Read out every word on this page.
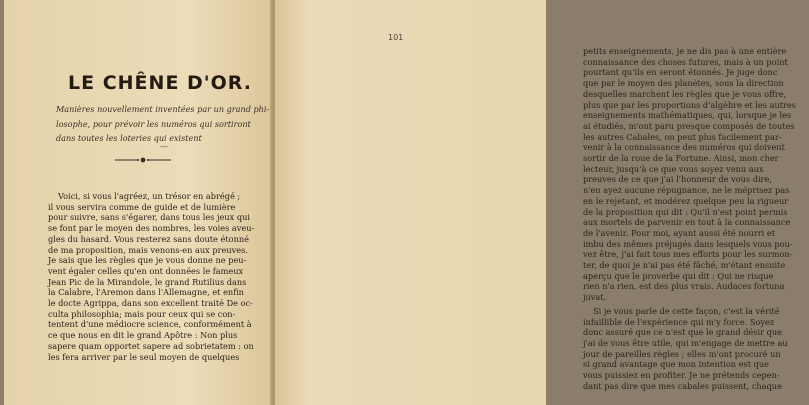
LE CHÊNE D'OR.
Manières nouvellement inventées par un grand phi-
losophe, pour prévoir les numéros qui sortiront
dans toutes les loteries qui existent
—
Voici, si vous l'agréez, un trésor en abrégé ;
il vous servira comme de guide et de lumière
pour suivre, sans s'égarer, dans tous les jeux qui
se font par le moyen des nombres, les voies aveu-
gles du hasard. Vous resterez sans doute étonné
de ma proposition, mais venons-en aux preuves.
Je sais que les règles que je vous donne ne peu-
vent égaler celles qu'en ont données le fameux
Jean Pic de la Mirandole, le grand Rutilius dans
la Calabre, l'Aremon dans l'Allemagne, et enfin
le docte Agrippa, dans son excellent traité De oc-
culta philosophia; mais pour ceux qui se con-
tentent d'une médiocre science, conformément à
ce que nous en dit le grand Apôtre : Non plus
sapere quam opportet sapere ad sobrietatem : on
les fera arriver par le seul moyen de quelques
petits enseignements, je ne dis pas à une entière
connaissance des choses futures, mais à un point
pourtant qu'ils en seront étonnés. Je juge donc
que par le moyen des planètes, sous la direction
desquelles marchent les règles que je vous offre,
plus que par les proportions d'algèbre et les autres
enseignements mathématiques, qui, lorsque je les
ai étudiés, m'ont paru presque composés de toutes
les autres Cabales, on peut plus facilement par-
venir à la connaissance des numéros qui doivent
sortir de la roue de la Fortune. Ainsi, mon cher
lecteur, jusqu'à ce que vous soyez venu aux
preuves de ce que j'ai l'honneur de vous dire,
n'en ayez aucune répugnance, ne le méprisez pas
en le rejetant, et modérez quelque peu la rigueur
de la proposition qui dit : Qu'il n'est point permis
aux mortels de parvenir en tout à la connaissance
de l'avenir. Pour moi, ayant aussi été nourri et
imbu des mêmes préjugés dans lesquels vous pou-
vez être, j'ai fait tous mes efforts pour les surmon-
ter, de quoi je n'ai pas été fâché, m'étant ensuite
aperçu que le proverbe qui dit : Qui ne risque
rien n'a rien, est des plus vrais. Audaces fortuna
juvat.
Si je vous parle de cette façon, c'est la vérité
infaillible de l'expérience qui m'y force. Soyez
donc assuré que ce n'est que le grand désir que
j'ai de vous être utile, qui m'engage de mettre au
jour de pareilles règles ; elles m'ont procuré un
si grand avantage que mon intention est que
vous puissiez en profiter. Je ne prétends cepen-
dant pas dire que mes cabales puissent, chaque
101
